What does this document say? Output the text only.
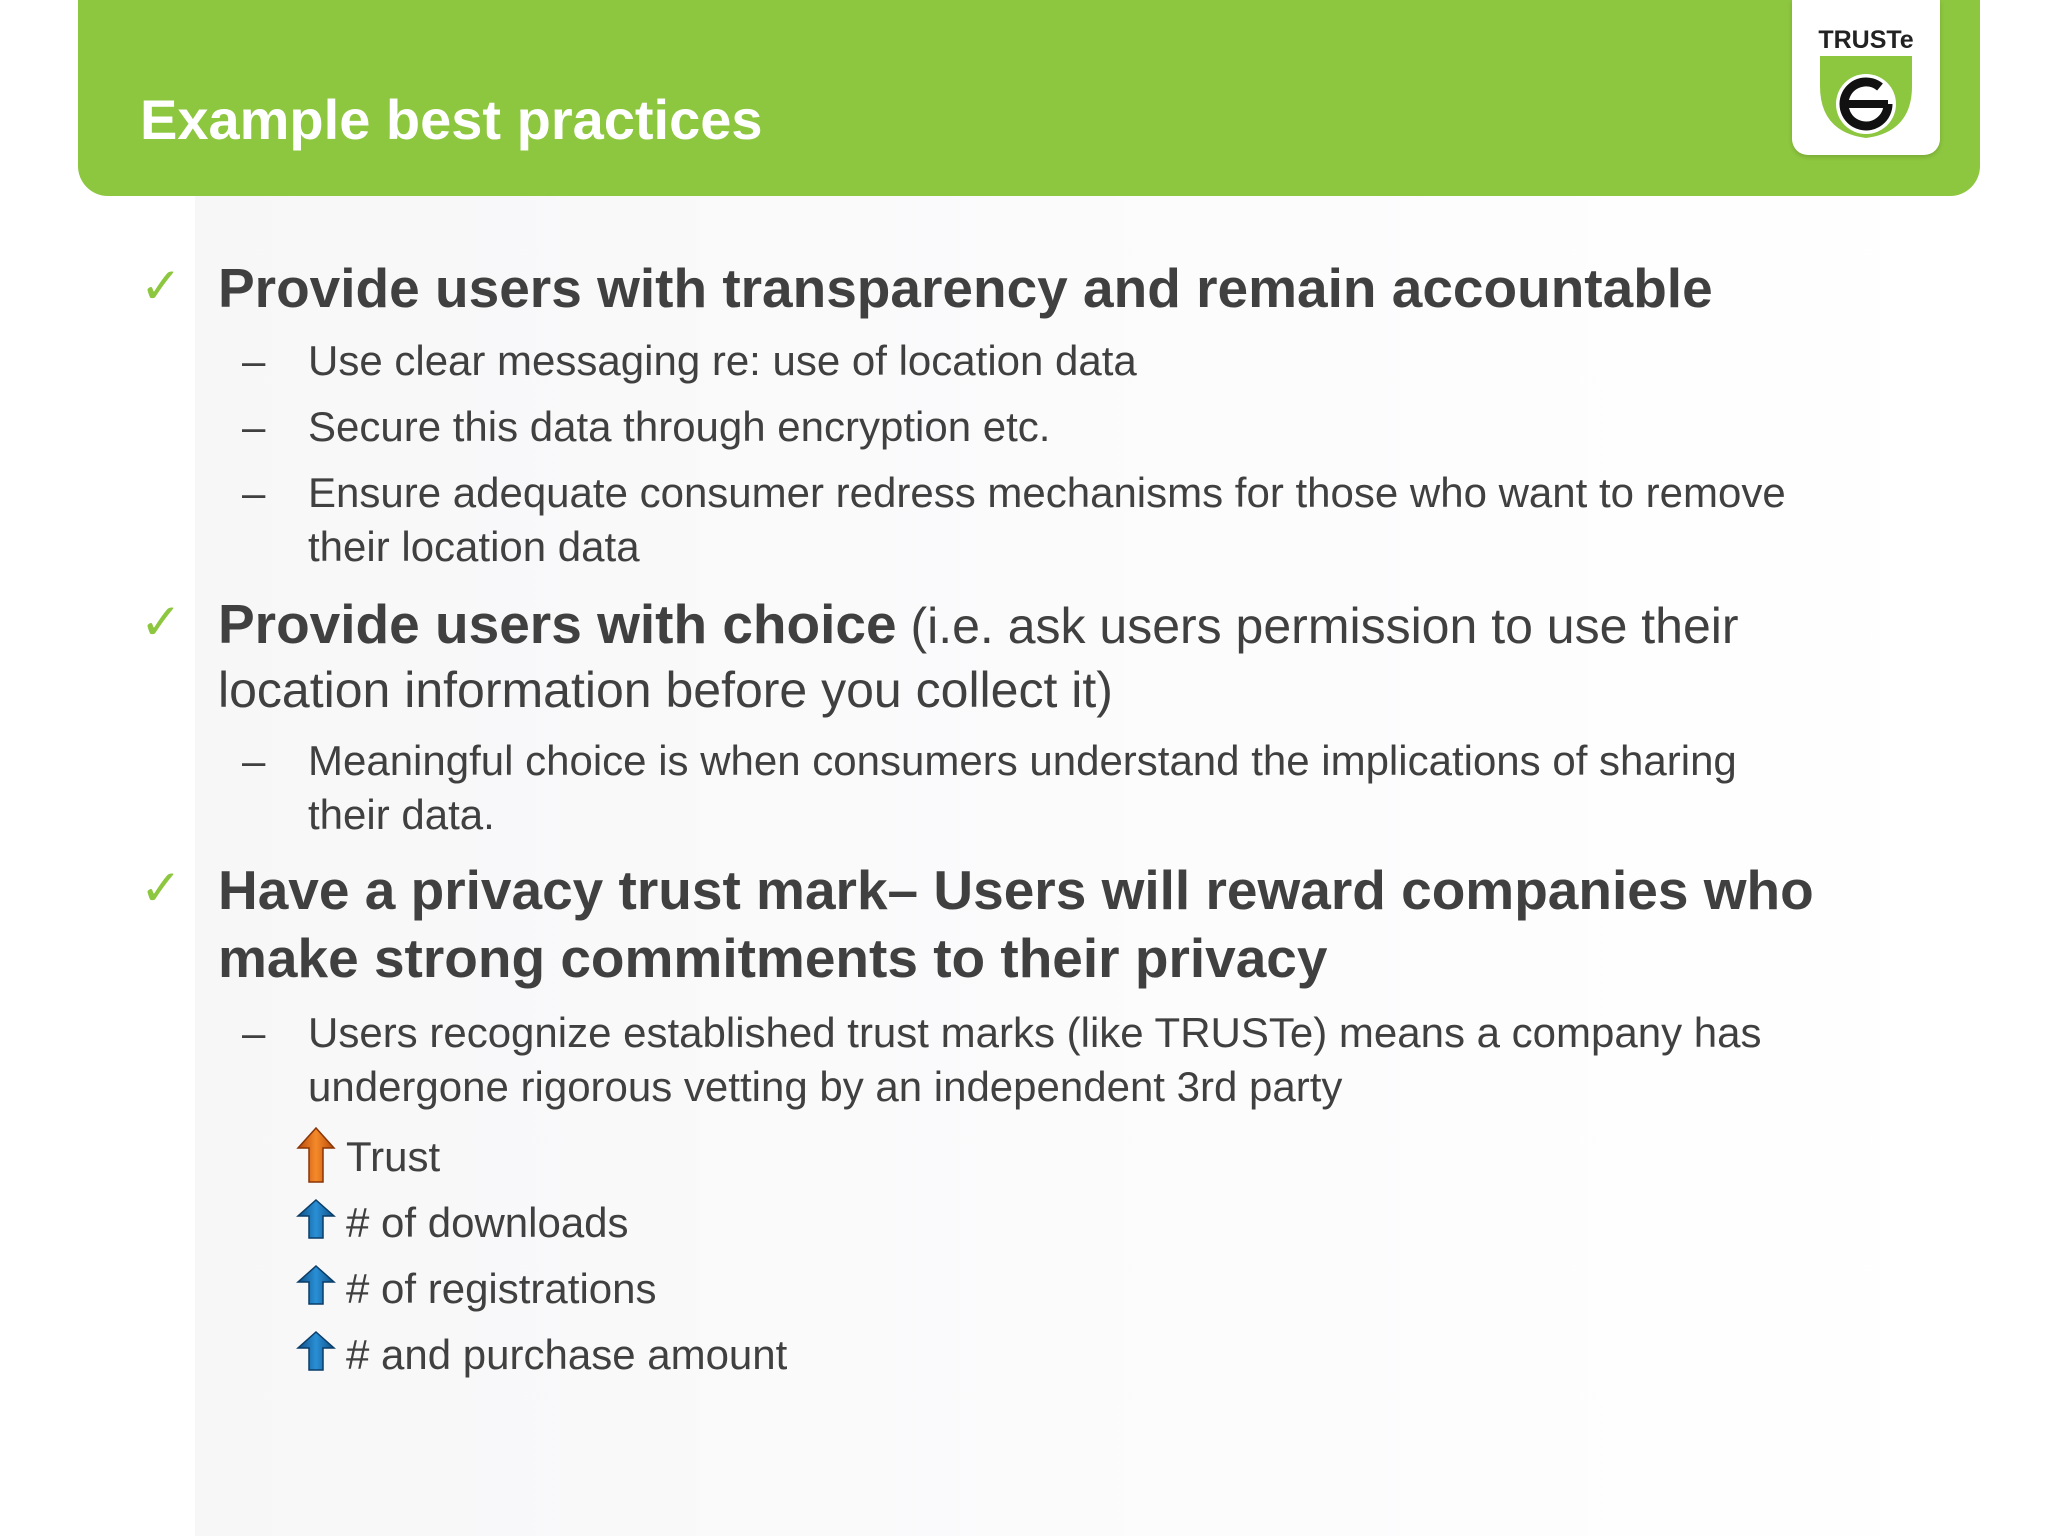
Example best practices
TRUSTe
✓ Provide users with transparency and remain accountable
– Use clear messaging re: use of location data
– Secure this data through encryption etc.
– Ensure adequate consumer redress mechanisms for those who want to remove
their location data
✓ Provide users with choice (i.e. ask users permission to use their
location information before you collect it)
– Meaningful choice is when consumers understand the implications of sharing
their data.
✓ Have a privacy trust mark– Users will reward companies who
make strong commitments to their privacy
– Users recognize established trust marks (like TRUSTe) means a company has
undergone rigorous vetting by an independent 3rd party
Trust
# of downloads
# of registrations
# and purchase amount
